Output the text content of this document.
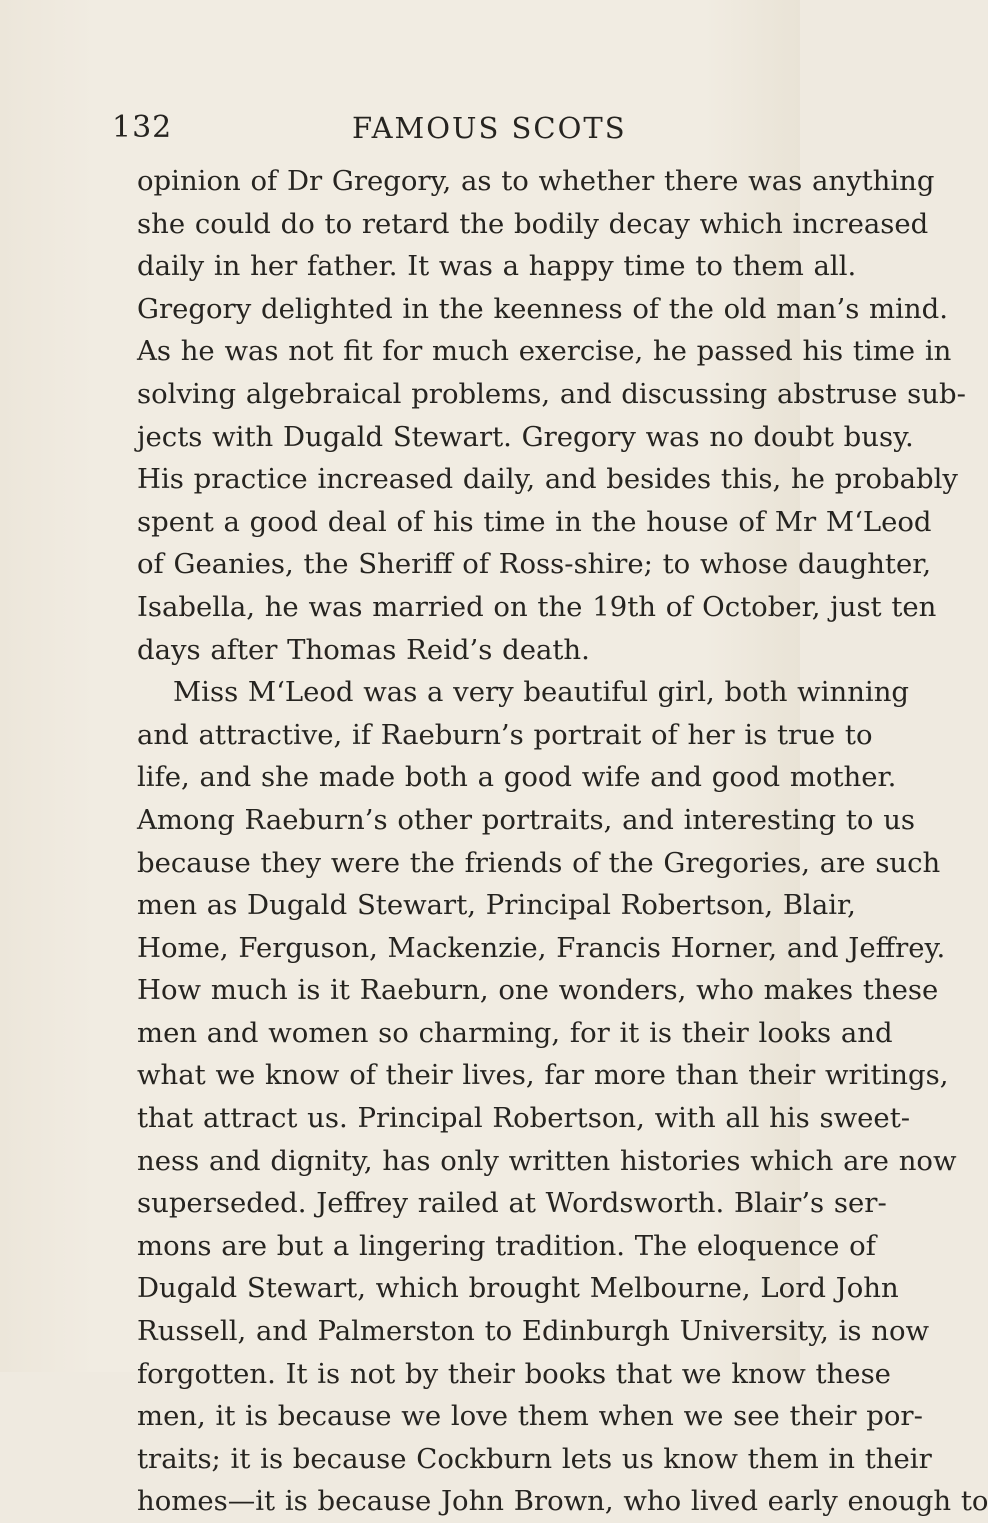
132	FAMOUS SCOTS
opinion of Dr Gregory, as to whether there was anything
she could do to retard the bodily decay which increased
daily in her father. It was a happy time to them all.
Gregory delighted in the keenness of the old man’s mind.
As he was not fit for much exercise, he passed his time in
solving algebraical problems, and discussing abstruse sub-
jects with Dugald Stewart. Gregory was no doubt busy.
His practice increased daily, and besides this, he probably
spent a good deal of his time in the house of Mr M‘Leod
of Geanies, the Sheriff of Ross-shire; to whose daughter,
Isabella, he was married on the 19th of October, just ten
days after Thomas Reid’s death.
Miss M‘Leod was a very beautiful girl, both winning
and attractive, if Raeburn’s portrait of her is true to
life, and she made both a good wife and good mother.
Among Raeburn’s other portraits, and interesting to us
because they were the friends of the Gregories, are such
men as Dugald Stewart, Principal Robertson, Blair,
Home, Ferguson, Mackenzie, Francis Horner, and Jeffrey.
How much is it Raeburn, one wonders, who makes these
men and women so charming, for it is their looks and
what we know of their lives, far more than their writings,
that attract us. Principal Robertson, with all his sweet-
ness and dignity, has only written histories which are now
superseded. Jeffrey railed at Wordsworth. Blair’s ser-
mons are but a lingering tradition. The eloquence of
Dugald Stewart, which brought Melbourne, Lord John
Russell, and Palmerston to Edinburgh University, is now
forgotten. It is not by their books that we know these
men, it is because we love them when we see their por-
traits; it is because Cockburn lets us know them in their
homes—it is because John Brown, who lived early enough to
